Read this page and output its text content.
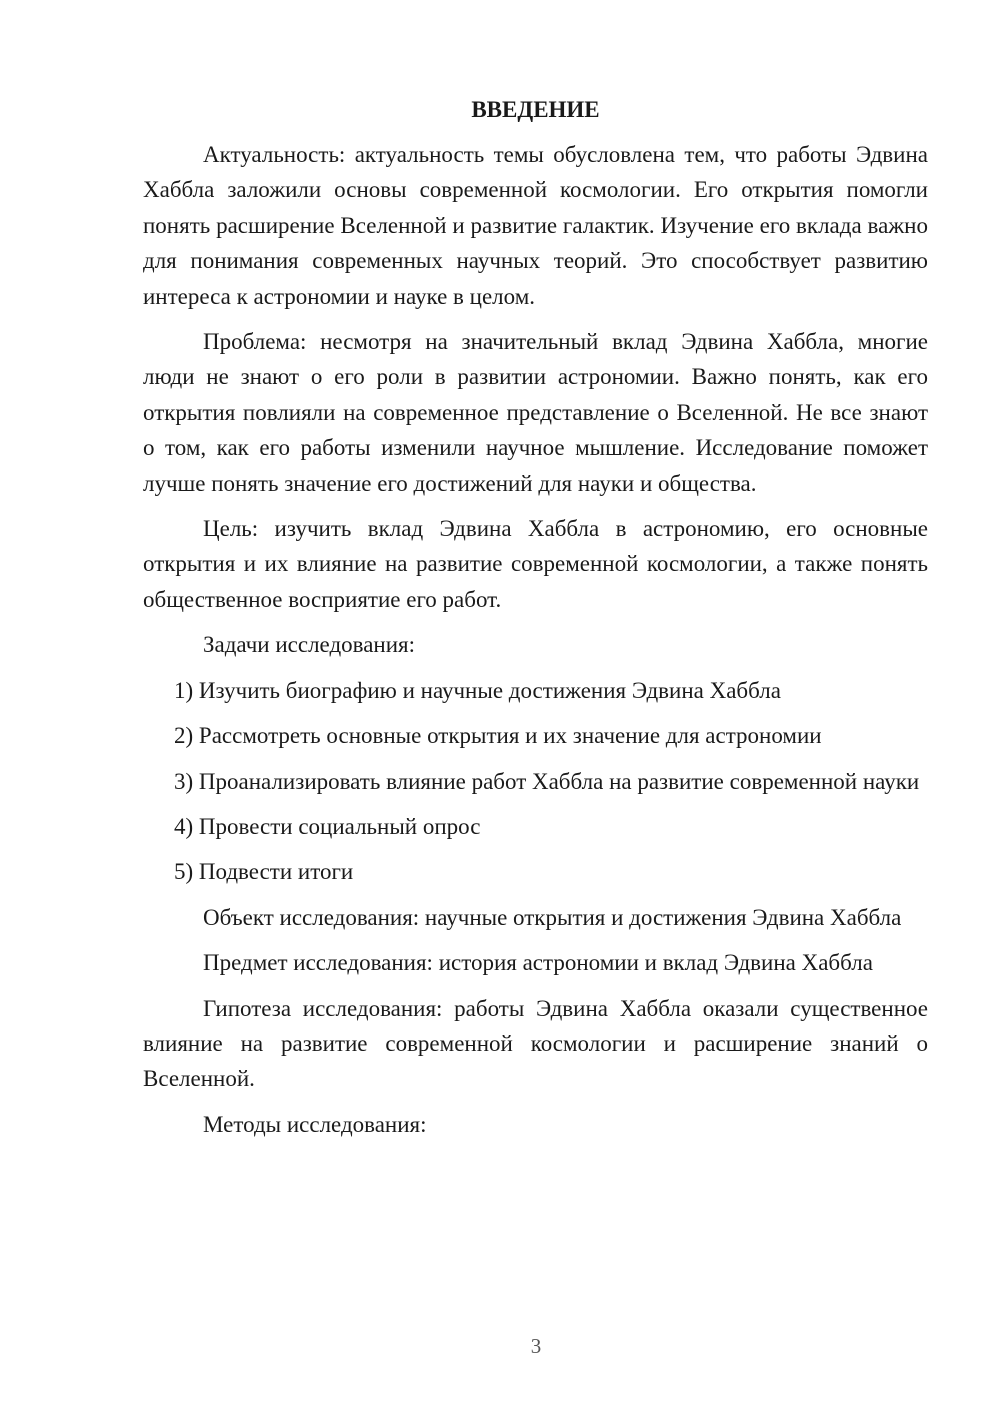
ВВЕДЕНИЕ

Актуальность: актуальность темы обусловлена тем, что работы Эдвина Хаббла заложили основы современной космологии. Его открытия помогли понять расширение Вселенной и развитие галактик. Изучение его вклада важно для понимания современных научных теорий. Это способствует развитию интереса к астрономии и науке в целом.

Проблема: несмотря на значительный вклад Эдвина Хаббла, многие люди не знают о его роли в развитии астрономии. Важно понять, как его открытия повлияли на современное представление о Вселенной. Не все знают о том, как его работы изменили научное мышление. Исследование поможет лучше понять значение его достижений для науки и общества.

Цель: изучить вклад Эдвина Хаббла в астрономию, его основные открытия и их влияние на развитие современной космологии, а также понять общественное восприятие его работ.

Задачи исследования:

1) Изучить биографию и научные достижения Эдвина Хаббла

2) Рассмотреть основные открытия и их значение для астрономии

3) Проанализировать влияние работ Хаббла на развитие современной науки

4) Провести социальный опрос

5) Подвести итоги

Объект исследования: научные открытия и достижения Эдвина Хаббла

Предмет исследования: история астрономии и вклад Эдвина Хаббла

Гипотеза исследования: работы Эдвина Хаббла оказали существенное влияние на развитие современной космологии и расширение знаний о Вселенной.

Методы исследования:

3
